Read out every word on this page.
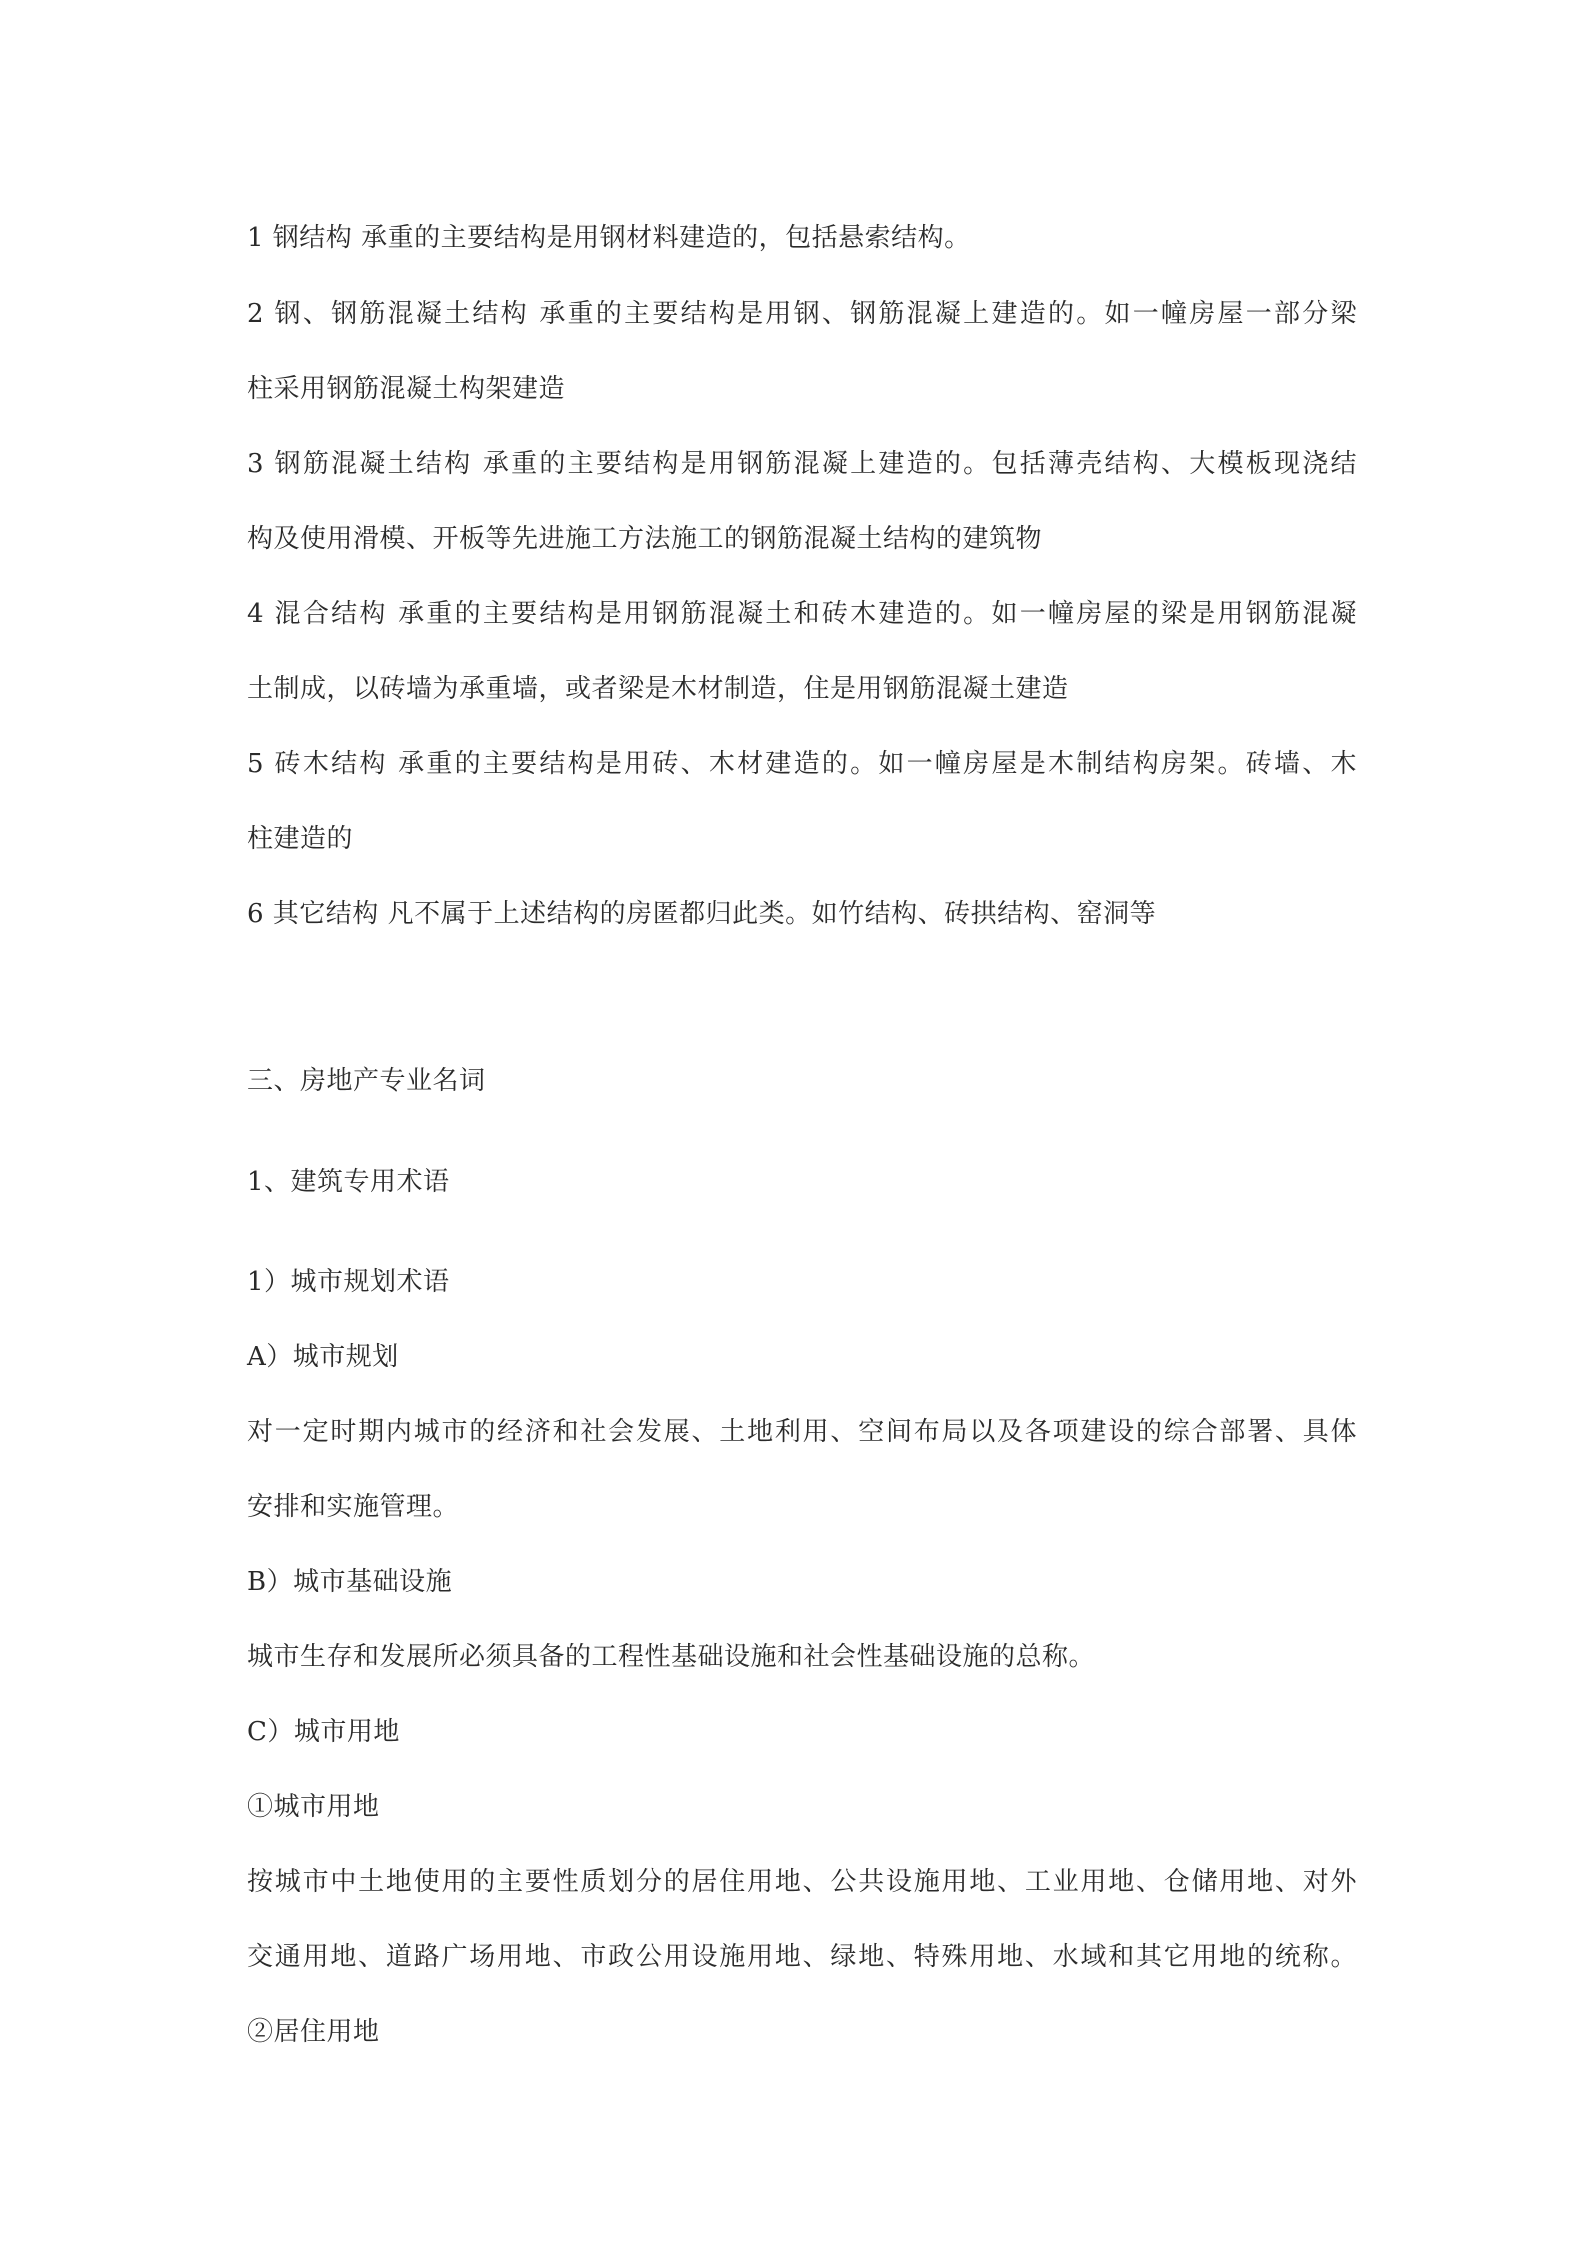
1 钢结构 承重的主要结构是用钢材料建造的，包括悬索结构。

2 钢、钢筋混凝土结构 承重的主要结构是用钢、钢筋混凝上建造的。如一幢房屋一部分梁

柱采用钢筋混凝土构架建造

3 钢筋混凝土结构 承重的主要结构是用钢筋混凝上建造的。包括薄壳结构、大模板现浇结

构及使用滑模、开板等先进施工方法施工的钢筋混凝土结构的建筑物

4 混合结构 承重的主要结构是用钢筋混凝土和砖木建造的。如一幢房屋的梁是用钢筋混凝

土制成，以砖墙为承重墙，或者梁是木材制造，住是用钢筋混凝土建造

5 砖木结构 承重的主要结构是用砖、木材建造的。如一幢房屋是木制结构房架。砖墙、木

柱建造的

6 其它结构 凡不属于上述结构的房匿都归此类。如竹结构、砖拱结构、窑洞等

三、房地产专业名词

1、建筑专用术语

1）城市规划术语

A）城市规划

对一定时期内城市的经济和社会发展、土地利用、空间布局以及各项建设的综合部署、具体

安排和实施管理。

B）城市基础设施

城市生存和发展所必须具备的工程性基础设施和社会性基础设施的总称。

C）城市用地

①城市用地

按城市中土地使用的主要性质划分的居住用地、公共设施用地、工业用地、仓储用地、对外

交通用地、道路广场用地、市政公用设施用地、绿地、特殊用地、水域和其它用地的统称。

②居住用地
